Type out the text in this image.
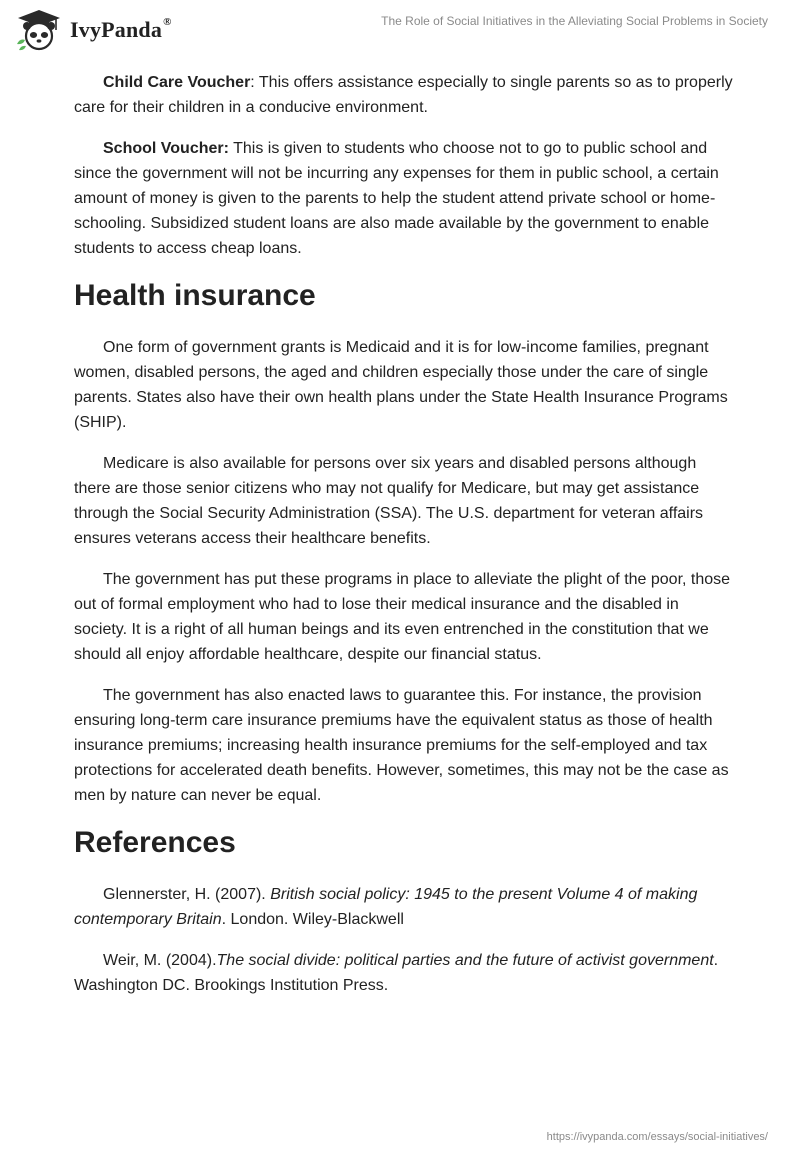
IvyPanda®	The Role of Social Initiatives in the Alleviating Social Problems in Society

Child Care Voucher: This offers assistance especially to single parents so as to properly care for their children in a conducive environment.

School Voucher: This is given to students who choose not to go to public school and since the government will not be incurring any expenses for them in public school, a certain amount of money is given to the parents to help the student attend private school or home-schooling. Subsidized student loans are also made available by the government to enable students to access cheap loans.

Health insurance

One form of government grants is Medicaid and it is for low-income families, pregnant women, disabled persons, the aged and children especially those under the care of single parents. States also have their own health plans under the State Health Insurance Programs (SHIP).

Medicare is also available for persons over six years and disabled persons although there are those senior citizens who may not qualify for Medicare, but may get assistance through the Social Security Administration (SSA). The U.S. department for veteran affairs ensures veterans access their healthcare benefits.

The government has put these programs in place to alleviate the plight of the poor, those out of formal employment who had to lose their medical insurance and the disabled in society. It is a right of all human beings and its even entrenched in the constitution that we should all enjoy affordable healthcare, despite our financial status.

The government has also enacted laws to guarantee this. For instance, the provision ensuring long-term care insurance premiums have the equivalent status as those of health insurance premiums; increasing health insurance premiums for the self-employed and tax protections for accelerated death benefits. However, sometimes, this may not be the case as men by nature can never be equal.

References

Glennerster, H. (2007). British social policy: 1945 to the present Volume 4 of making contemporary Britain. London. Wiley-Blackwell

Weir, M. (2004).The social divide: political parties and the future of activist government. Washington DC. Brookings Institution Press.

https://ivypanda.com/essays/social-initiatives/
